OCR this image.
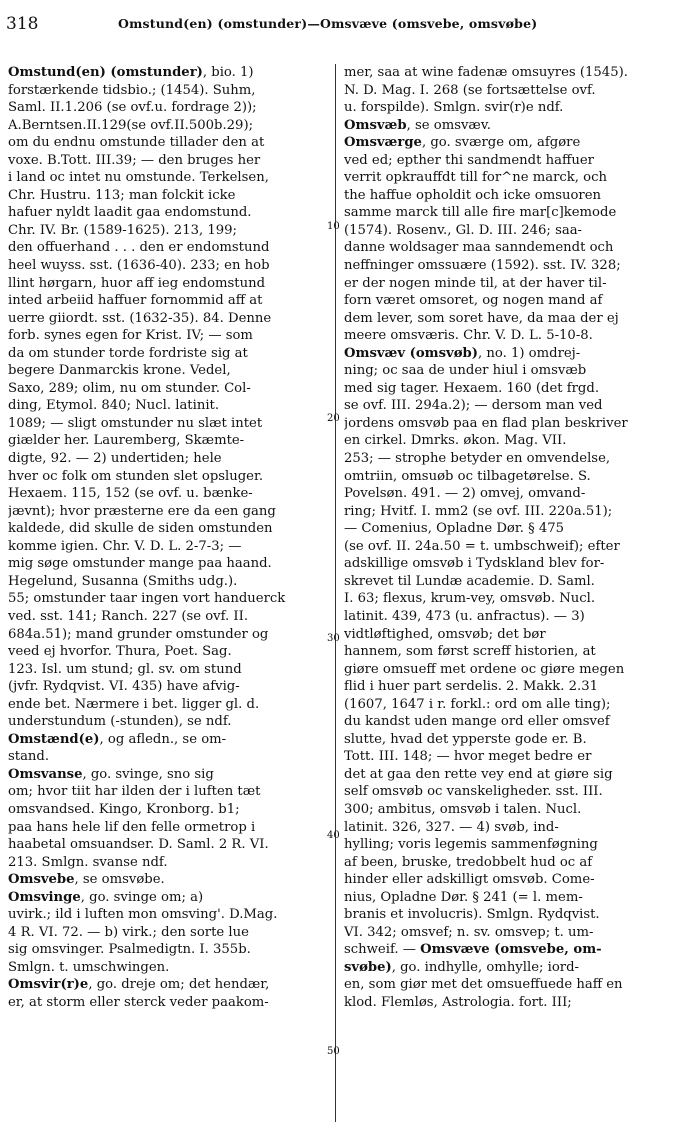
318	Omstund(en) (omstunder)—Omsvæve (omsvebe, omsvøbe)
Omstund(en) (omstunder), bio. 1)
forstærkende tidsbio.; (1454). Suhm,
Saml. II.1.206 (se ovf.u. fordrage 2));
A.Berntsen.II.129(se ovf.II.500b.29);
om du endnu omstunde tillader den at
voxe. B.Tott. III.39; — den bruges her
i land oc intet nu omstunde. Terkelsen,
Chr. Hustru. 113; man folckit icke
hafuer nyldt laadit gaa endomstund.
Chr. IV. Br. (1589-1625). 213, 199;
den offuerhand . . . den er endomstund
heel wuyss. sst. (1636-40). 233; en hob
llint hørgarn, huor aff ieg endomstund
inted arbeiid haffuer fornommid aff at
uerre giiordt. sst. (1632-35). 84. Denne
forb. synes egen for Krist. IV; — som
da om stunder torde fordriste sig at
begere Danmarckis krone. Vedel,
Saxo, 289; olim, nu om stunder. Col-
ding, Etymol. 840; Nucl. latinit.
1089; — sligt omstunder nu slæt intet
giælder her. Lauremberg, Skæmte-
digte, 92. — 2) undertiden; hele
hver oc folk om stunden slet opsluger.
Hexaem. 115, 152 (se ovf. u. bænke-
jævnt); hvor præsterne ere da een gang
kaldede, did skulle de siden omstunden
komme igien. Chr. V. D. L. 2-7-3; —
mig søge omstunder mange paa haand.
Hegelund, Susanna (Smiths udg.).
55; omstunder taar ingen vort handuerck
ved. sst. 141; Ranch. 227 (se ovf. II.
684a.51); mand grunder omstunder og
veed ej hvorfor. Thura, Poet. Sag.
123. Isl. um stund; gl. sv. om stund
(jvfr. Rydqvist. VI. 435) have afvig-
ende bet. Nærmere i bet. ligger gl. d.
understundum (-stunden), se ndf.
Omstænd(e), og afledn., se om-
stand.
Omsvanse, go. svinge, sno sig
om; hvor tiit har ilden der i luften tæt
omsvandsed. Kingo, Kronborg. b1;
paa hans hele lif den felle ormetrop i
haabetal omsuandser. D. Saml. 2 R. VI.
213. Smlgn. svanse ndf.
Omsvebe, se omsvøbe.
Omsvinge, go. svinge om; a)
uvirk.; ild i luften mon omsving'. D.Mag.
4 R. VI. 72. — b) virk.; den sorte lue
sig omsvinger. Psalmedigtn. I. 355b.
Smlgn. t. umschwingen.
Omsvir(r)e, go. dreje om; det hendær,
er, at storm eller sterck veder paakom-
mer, saa at wine fadenæ omsuyres (1545).
N. D. Mag. I. 268 (se fortsættelse ovf.
u. forspilde). Smlgn. svir(r)e ndf.
Omsvæb, se omsvæv.
Omsværge, go. sværge om, afgøre
ved ed; epther thi sandmendt haffuer
verrit opkrauffdt till for^ne marck, och
the haffue opholdit och icke omsuoren
samme marck till alle fire mar[c]kemode
(1574). Rosenv., Gl. D. III. 246; saa-
danne woldsager maa sanndemendt och
neffninger omssuære (1592). sst. IV. 328;
er der nogen minde til, at der haver til-
forn været omsoret, og nogen mand af
dem lever, som soret have, da maa der ej
meere omsværis. Chr. V. D. L. 5-10-8.
Omsvæv (omsvøb), no. 1) omdrej-
ning; oc saa de under hiul i omsvæb
med sig tager. Hexaem. 160 (det frgd.
se ovf. III. 294a.2); — dersom man ved
jordens omsvøb paa en flad plan beskriver
en cirkel. Dmrks. økon. Mag. VII.
253; — strophe betyder en omvendelse,
omtriin, omsuøb oc tilbagetørelse. S.
Povelsøn. 491. — 2) omvej, omvand-
ring; Hvitf. I. mm2 (se ovf. III. 220a.51);
— Comenius, Opladne Dør. § 475
(se ovf. II. 24a.50 = t. umbschweif); efter
adskillige omsvøb i Tydskland blev for-
skrevet til Lundæ academie. D. Saml.
I. 63; flexus, krum-vey, omsvøb. Nucl.
latinit. 439, 473 (u. anfractus). — 3)
vidtløftighed, omsvøb; det bør
hannem, som først screff historien, at
giøre omsueff met ordene oc giøre megen
flid i huer part serdelis. 2. Makk. 2.31
(1607, 1647 i r. forkl.: ord om alle ting);
du kandst uden mange ord eller omsvef
slutte, hvad det ypperste gode er. B.
Tott. III. 148; — hvor meget bedre er
det at gaa den rette vey end at giøre sig
self omsvøb oc vanskeligheder. sst. III.
300; ambitus, omsvøb i talen. Nucl.
latinit. 326, 327. — 4) svøb, ind-
hylling; voris legemis sammenføgning
af been, bruske, tredobbelt hud oc af
hinder eller adskilligt omsvøb. Come-
nius, Opladne Dør. § 241 (= l. mem-
branis et involucris). Smlgn. Rydqvist.
VI. 342; omsvef; n. sv. omsvep; t. um-
schweif. — Omsvæve (omsvebe, om-
svøbe), go. indhylle, omhylle; iord-
en, som giør met det omsueffuede haff en
klod. Flemløs, Astrologia. fort. III;
10
20
30
40
50
